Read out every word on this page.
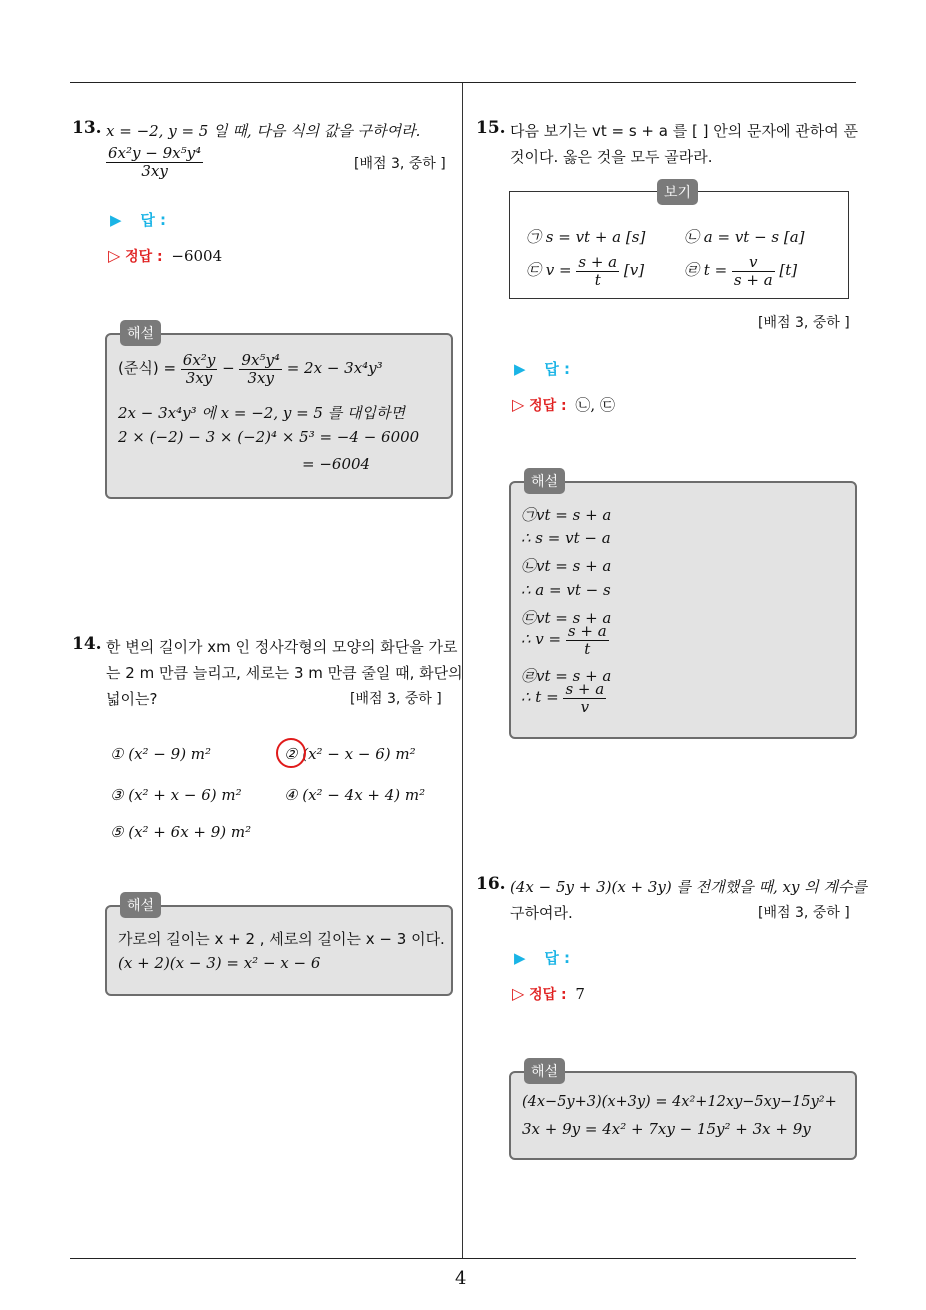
4
13. x = −2, y = 5 일 때, 다음 식의 값을 구하여라.
$\frac{\text{6x²y − 9x⁵y⁴}}{3xy}$	[배점 3, 중하 ]
▶ 답 :
▷ 정답 : −6004
해설
(준식) = $\frac{\text{6x²y}}{3xy} - \frac{\text{9x⁵y⁴}}{3xy} = 2x - 3x^4y^3$
2x − 3x⁴y³ 에 x = −2, y = 5 를 대입하면
2 × (−2) − 3 × (−2)⁴ × 5³ = −4 − 6000
= −6004
14. 한 변의 길이가 xm 인 정사각형의 모양의 화단을 가로
는 2 m 만큼 늘리고, 세로는 3 m 만큼 줄일 때, 화단의
넓이는?	[배점 3, 중하 ]
① (x² − 9) m²	② (x² − x − 6) m²
③ (x² + x − 6) m²	④ (x² − 4x + 4) m²
⑤ (x² + 6x + 9) m²
해설
가로의 길이는 x + 2 , 세로의 길이는 x − 3 이다.
(x + 2)(x − 3) = x² − x − 6
15. 다음 보기는 vt = s + a 를 [ ] 안의 문자에 관하여 푼
것이다. 옳은 것을 모두 골라라.
보기
㉠ s = vt + a [s]	㉡ a = vt − s [a]
㉢ $v = \frac{s + a}{t} [v]$	㉣ $t = \frac{v}{s + a} [t]$
[배점 3, 중하 ]
▶ 답 :
▷ 정답 : ㉡, ㉢
해설
㉠vt = s + a
∴ s = vt − a
㉡vt = s + a
∴ a = vt − s
㉢vt = s + a
∴ $v = \frac{s + a}{t}$
㉣vt = s + a
∴ $t = \frac{s + a}{v}$
16. (4x − 5y + 3)(x + 3y) 를 전개했을 때, xy 의 계수를
구하여라.	[배점 3, 중하 ]
▶ 답 :
▷ 정답 : 7
해설
(4x−5y+3)(x+3y) = 4x²+12xy−5xy−15y²+
3x + 9y = 4x² + 7xy − 15y² + 3x + 9y
